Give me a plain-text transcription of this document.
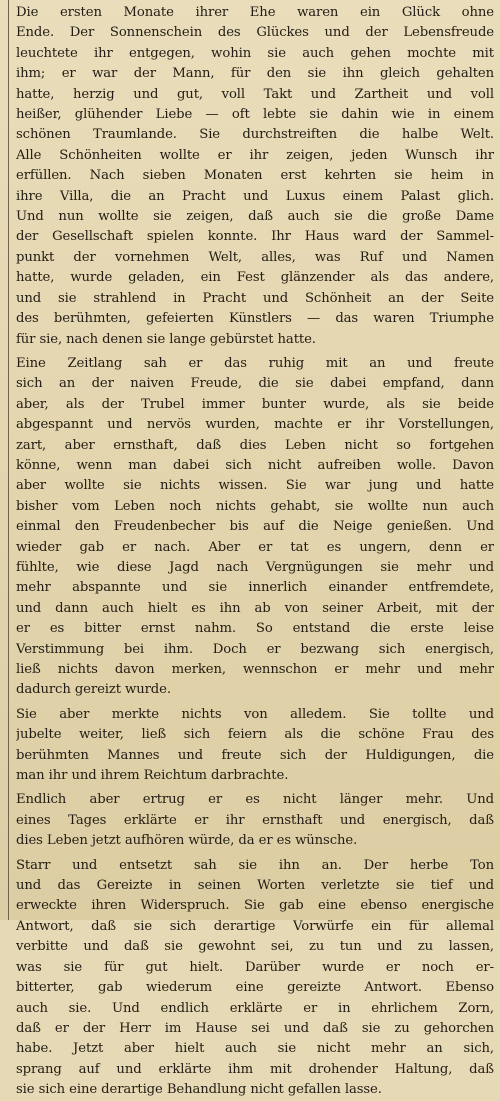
Die ersten Monate ihrer Ehe waren ein Glück ohne
Ende. Der Sonnenschein des Glückes und der Lebensfreude
leuchtete ihr entgegen, wohin sie auch gehen mochte mit
ihm; er war der Mann, für den sie ihn gleich gehalten
hatte, herzig und gut, voll Takt und Zartheit und voll
heißer, glühender Liebe — oft lebte sie dahin wie in einem
schönen Traumlande. Sie durchstreiften die halbe Welt.
Alle Schönheiten wollte er ihr zeigen, jeden Wunsch ihr
erfüllen. Nach sieben Monaten erst kehrten sie heim in
ihre Villa, die an Pracht und Luxus einem Palast glich.
Und nun wollte sie zeigen, daß auch sie die große Dame
der Gesellschaft spielen konnte. Ihr Haus ward der Sammel-
punkt der vornehmen Welt, alles, was Ruf und Namen
hatte, wurde geladen, ein Fest glänzender als das andere,
und sie strahlend in Pracht und Schönheit an der Seite
des berühmten, gefeierten Künstlers — das waren Triumphe
für sie, nach denen sie lange gebürstet hatte.
Eine Zeitlang sah er das ruhig mit an und freute
sich an der naiven Freude, die sie dabei empfand, dann
aber, als der Trubel immer bunter wurde, als sie beide
abgespannt und nervös wurden, machte er ihr Vorstellungen,
zart, aber ernsthaft, daß dies Leben nicht so fortgehen
könne, wenn man dabei sich nicht aufreiben wolle. Davon
aber wollte sie nichts wissen. Sie war jung und hatte
bisher vom Leben noch nichts gehabt, sie wollte nun auch
einmal den Freudenbecher bis auf die Neige genießen. Und
wieder gab er nach. Aber er tat es ungern, denn er
fühlte, wie diese Jagd nach Vergnügungen sie mehr und
mehr abspannte und sie innerlich einander entfremdete,
und dann auch hielt es ihn ab von seiner Arbeit, mit der
er es bitter ernst nahm. So entstand die erste leise
Verstimmung bei ihm. Doch er bezwang sich energisch,
ließ nichts davon merken, wennschon er mehr und mehr
dadurch gereizt wurde.
Sie aber merkte nichts von alledem. Sie tollte und
jubelte weiter, ließ sich feiern als die schöne Frau des
berühmten Mannes und freute sich der Huldigungen, die
man ihr und ihrem Reichtum darbrachte.
Endlich aber ertrug er es nicht länger mehr. Und
eines Tages erklärte er ihr ernsthaft und energisch, daß
dies Leben jetzt aufhören würde, da er es wünsche.
Starr und entsetzt sah sie ihn an. Der herbe Ton
und das Gereizte in seinen Worten verletzte sie tief und
erweckte ihren Widerspruch. Sie gab eine ebenso energische
Antwort, daß sie sich derartige Vorwürfe ein für allemal
verbitte und daß sie gewohnt sei, zu tun und zu lassen,
was sie für gut hielt. Darüber wurde er noch er-
bitterter, gab wiederum eine gereizte Antwort. Ebenso
auch sie. Und endlich erklärte er in ehrlichem Zorn,
daß er der Herr im Hause sei und daß sie zu gehorchen
habe. Jetzt aber hielt auch sie nicht mehr an sich,
sprang auf und erklärte ihm mit drohender Haltung, daß
sie sich eine derartige Behandlung nicht gefallen lasse.
